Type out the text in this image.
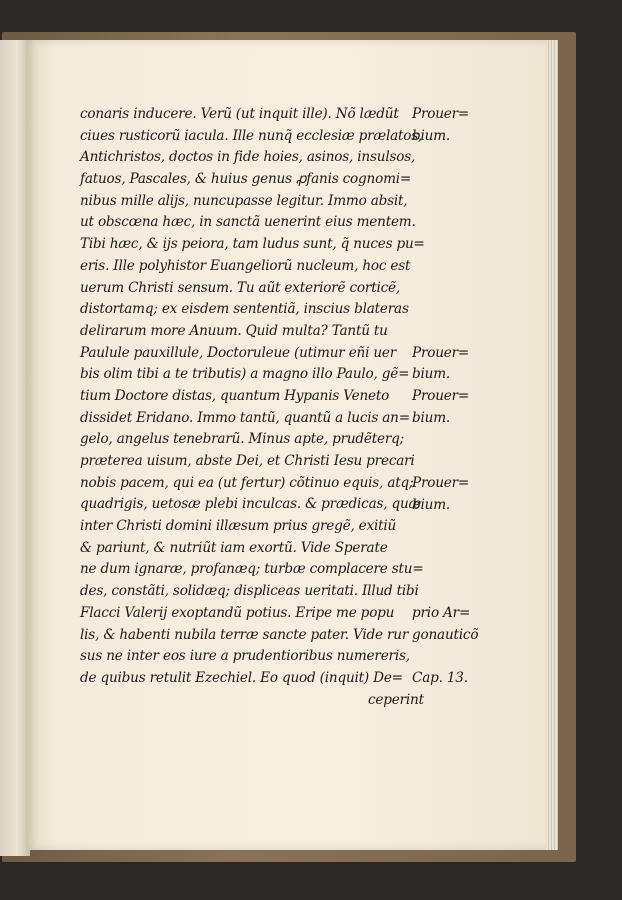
conaris inducere. Verũ (ut inquit ille). Nõ lædũt
ciues rusticorũ iacula. Ille nunq̃ ecclesiæ prælatos,
Antichristos, doctos in fide hoies, asinos, insulsos,
fatuos, Pascales, & huius genus ꝓfanis cognomi=
nibus mille alijs, nuncupasse legitur. Immo absit,
ut obscœna hæc, in sanctã uenerint eius mentem.
Tibi hæc, & ijs peiora, tam ludus sunt, q̃ nuces pu=
eris. Ille polyhistor Euangeliorũ nucleum, hoc est
uerum Christi sensum. Tu aũt exteriorẽ corticẽ,
distortamq; ex eisdem sententiã, inscius blateras
delirarum more Anuum. Quid multa? Tantũ tu
Paulule pauxillule, Doctoruleue (utimur eñi uer
bis olim tibi a te tributis) a magno illo Paulo, gẽ=
tium Doctore distas, quantum Hypanis Veneto
dissidet Eridano. Immo tantũ, quantũ a lucis an=
gelo, angelus tenebrarũ. Minus apte, prudẽterq;
prætereа uisum, abste Dei, et Christi Iesu precari
nobis pacem, qui ea (ut fertur) cõtinuo equis, atq;
quadrigis, uetosæ plebi inculcas. & prædicas, quæ
inter Christi domini illæsum prius gregẽ, exitiũ
& pariunt, & nutriũt iam exortũ. Vide Sperate
ne dum ignaræ, profanæq; turbæ complacere stu=
des, constãti, solidæq; displiceas ueritati. Illud tibi
Flacci Valerij exoptandũ potius. Eripe me popu
lis, & habenti nubila terræ sancte pater. Vide rur
sus ne inter eos iure a prudentioribus numereris,
de quibus retulit Ezechiel. Eo quod (inquit) De=
ceperint
Prouer=
bium.
Prouer=
bium.
Prouer=
bium.
Prouer=
bium.
prio Ar=
gonauticõ
Cap. 13.
